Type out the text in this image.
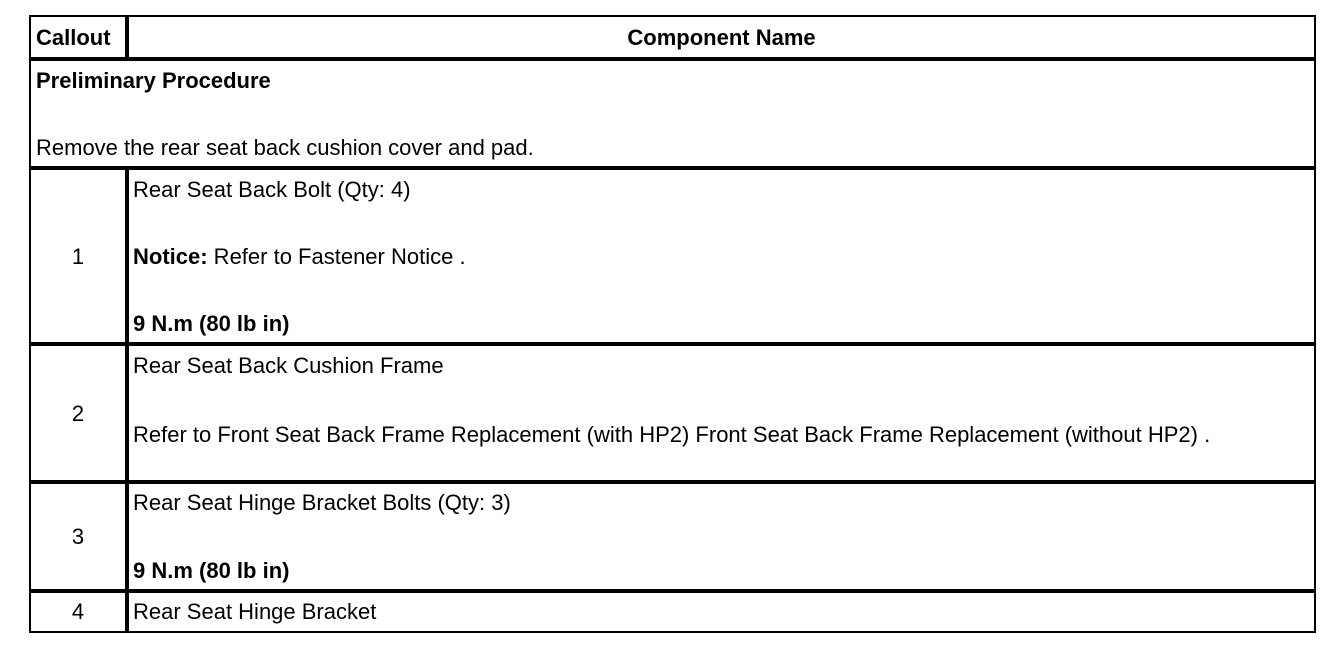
Callout	Component Name
Preliminary Procedure
Remove the rear seat back cushion cover and pad.
1
Rear Seat Back Bolt (Qty: 4)
Notice: Refer to Fastener Notice .
9 N.m (80 lb in)
2
Rear Seat Back Cushion Frame
Refer to Front Seat Back Frame Replacement (with HP2) Front Seat Back Frame Replacement (without HP2) .
3
Rear Seat Hinge Bracket Bolts (Qty: 3)
9 N.m (80 lb in)
4	Rear Seat Hinge Bracket
